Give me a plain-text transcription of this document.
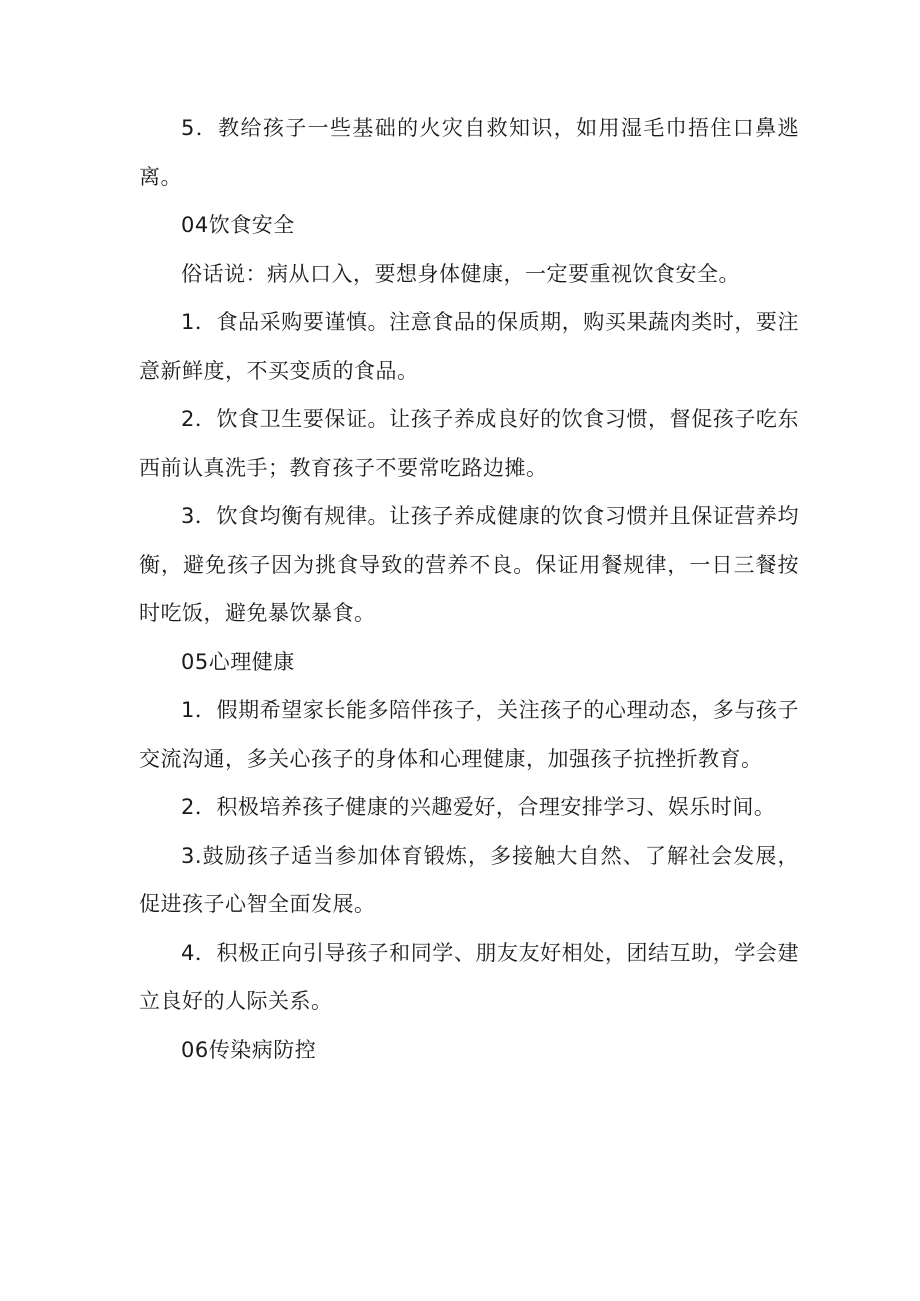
5．教给孩子一些基础的火灾自救知识，如用湿毛巾捂住口鼻逃离。

04饮食安全

俗话说：病从口入，要想身体健康，一定要重视饮食安全。

1．食品采购要谨慎。注意食品的保质期，购买果蔬肉类时，要注意新鲜度，不买变质的食品。

2．饮食卫生要保证。让孩子养成良好的饮食习惯，督促孩子吃东西前认真洗手；教育孩子不要常吃路边摊。

3．饮食均衡有规律。让孩子养成健康的饮食习惯并且保证营养均衡，避免孩子因为挑食导致的营养不良。保证用餐规律，一日三餐按时吃饭，避免暴饮暴食。

05心理健康

1．假期希望家长能多陪伴孩子，关注孩子的心理动态，多与孩子交流沟通，多关心孩子的身体和心理健康，加强孩子抗挫折教育。

2．积极培养孩子健康的兴趣爱好，合理安排学习、娱乐时间。

3.鼓励孩子适当参加体育锻炼，多接触大自然、了解社会发展，促进孩子心智全面发展。

4．积极正向引导孩子和同学、朋友友好相处，团结互助，学会建立良好的人际关系。

06传染病防控
